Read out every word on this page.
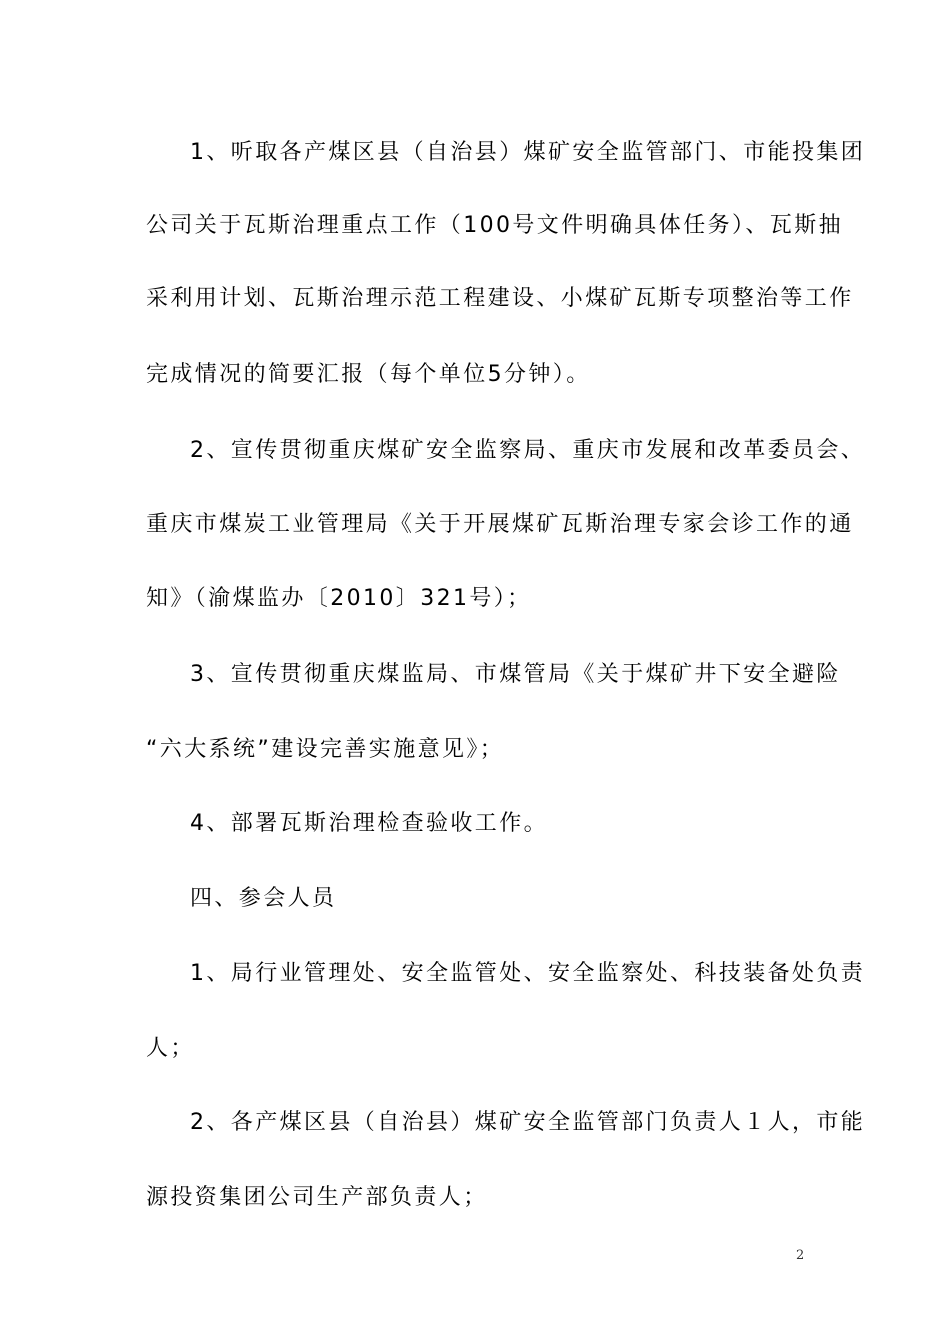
1、听取各产煤区县（自治县）煤矿安全监管部门、市能投集团
公司关于瓦斯治理重点工作（100号文件明确具体任务）、瓦斯抽
采利用计划、瓦斯治理示范工程建设、小煤矿瓦斯专项整治等工作
完成情况的简要汇报（每个单位5分钟）。
2、宣传贯彻重庆煤矿安全监察局、重庆市发展和改革委员会、
重庆市煤炭工业管理局《关于开展煤矿瓦斯治理专家会诊工作的通
知》（渝煤监办〔2010〕321号）；
3、宣传贯彻重庆煤监局、市煤管局《关于煤矿井下安全避险
“六大系统”建设完善实施意见》；
4、部署瓦斯治理检查验收工作。
四、参会人员
1、局行业管理处、安全监管处、安全监察处、科技装备处负责
人；
2、各产煤区县（自治县）煤矿安全监管部门负责人１人，市能
源投资集团公司生产部负责人；
2
